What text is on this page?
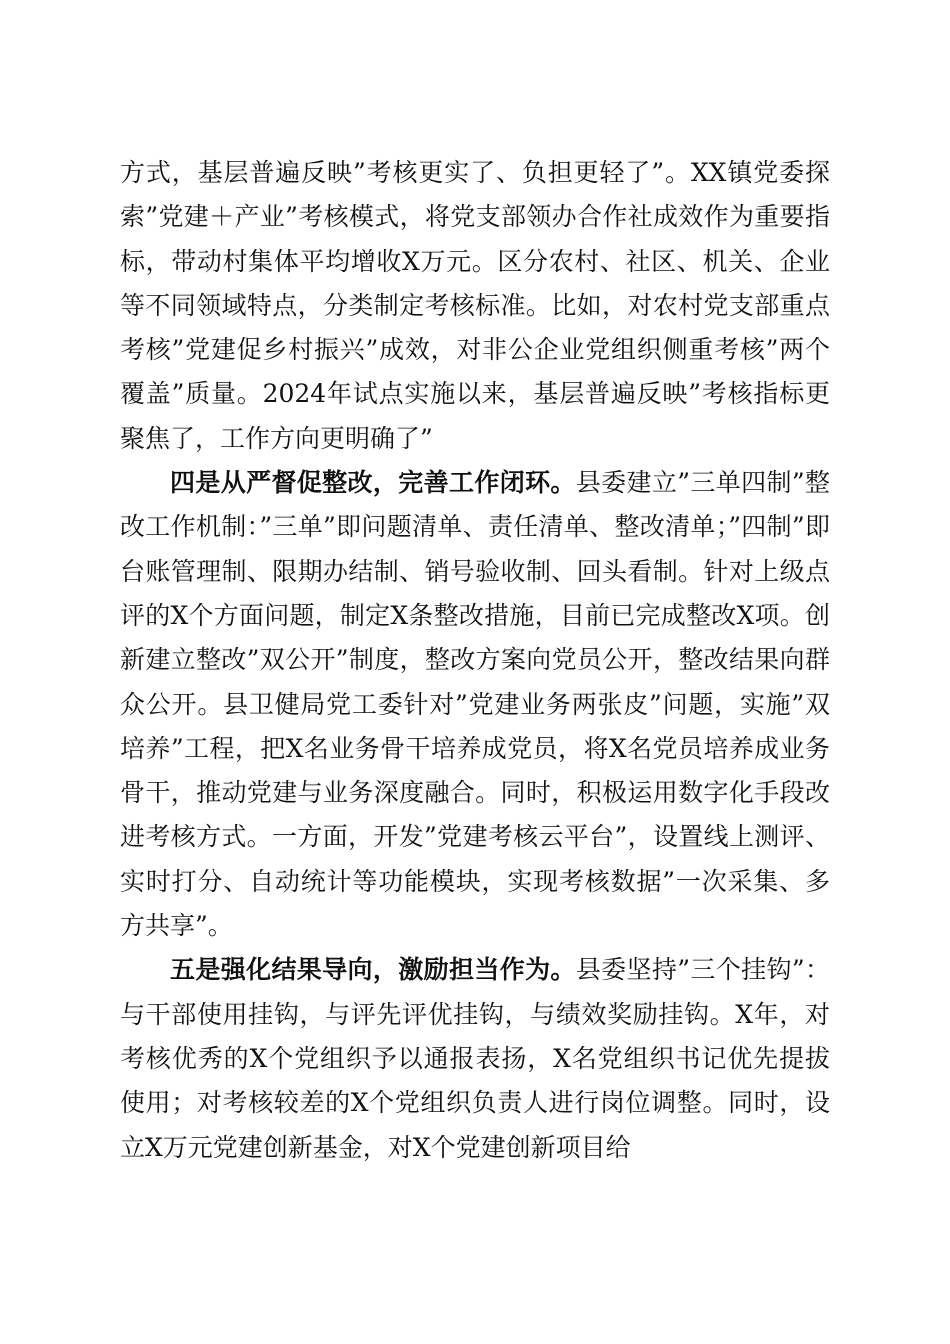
方式，基层普遍反映”考核更实了、负担更轻了”。XX镇党委探索”党建＋产业”考核模式，将党支部领办合作社成效作为重要指标，带动村集体平均增收X万元。区分农村、社区、机关、企业等不同领域特点，分类制定考核标准。比如，对农村党支部重点考核”党建促乡村振兴”成效，对非公企业党组织侧重考核”两个覆盖”质量。2024年试点实施以来，基层普遍反映”考核指标更聚焦了，工作方向更明确了”

四是从严督促整改，完善工作闭环。县委建立”三单四制”整改工作机制：”三单”即问题清单、责任清单、整改清单；”四制”即台账管理制、限期办结制、销号验收制、回头看制。针对上级点评的X个方面问题，制定X条整改措施，目前已完成整改X项。创新建立整改”双公开”制度，整改方案向党员公开，整改结果向群众公开。县卫健局党工委针对”党建业务两张皮”问题，实施”双培养”工程，把X名业务骨干培养成党员，将X名党员培养成业务骨干，推动党建与业务深度融合。同时，积极运用数字化手段改进考核方式。一方面，开发”党建考核云平台”，设置线上测评、实时打分、自动统计等功能模块，实现考核数据”一次采集、多方共享”。

五是强化结果导向，激励担当作为。县委坚持”三个挂钩”：与干部使用挂钩，与评先评优挂钩，与绩效奖励挂钩。X年，对考核优秀的X个党组织予以通报表扬，X名党组织书记优先提拔使用；对考核较差的X个党组织负责人进行岗位调整。同时，设立X万元党建创新基金，对X个党建创新项目给
